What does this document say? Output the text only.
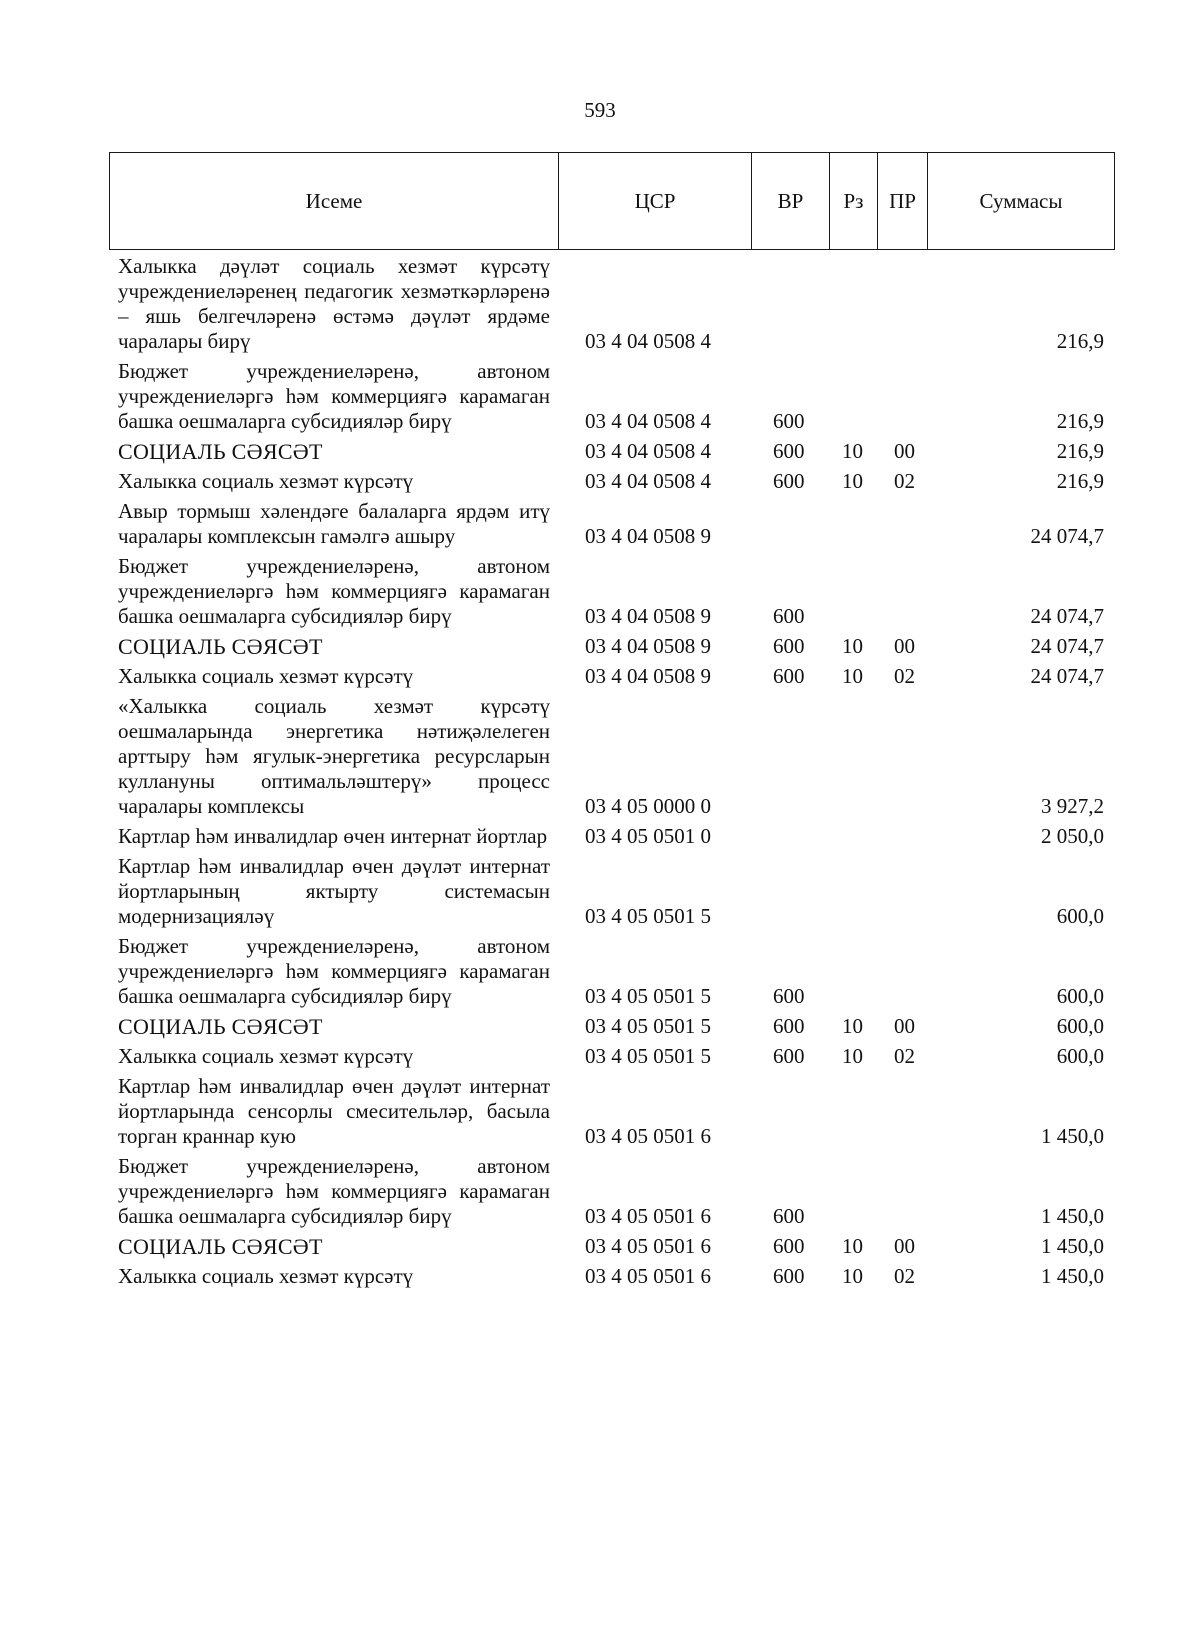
593
Исеме	ЦСР	ВР	Рз	ПР	Суммасы
Халыкка дәүләт социаль хезмәт күрсәтү учреждениеләренең педагогик хезмәткәрләренә – яшь белгечләренә өстәмә дәүләт ярдәме чаралары бирү	03 4 04 0508 4				216,9
Бюджет учреждениеләренә, автоном учреждениеләргә һәм коммерциягә карамаган башка оешмаларга субсидияләр бирү	03 4 04 0508 4	600			216,9
СОЦИАЛЬ СӘЯСӘТ	03 4 04 0508 4	600	10	00	216,9
Халыкка социаль хезмәт күрсәтү	03 4 04 0508 4	600	10	02	216,9
Авыр тормыш хәлендәге балаларга ярдәм итү чаралары комплексын гамәлгә ашыру	03 4 04 0508 9				24 074,7
Бюджет учреждениеләренә, автоном учреждениеләргә һәм коммерциягә карамаган башка оешмаларга субсидияләр бирү	03 4 04 0508 9	600			24 074,7
СОЦИАЛЬ СӘЯСӘТ	03 4 04 0508 9	600	10	00	24 074,7
Халыкка социаль хезмәт күрсәтү	03 4 04 0508 9	600	10	02	24 074,7
«Халыкка социаль хезмәт күрсәтү оешмаларында энергетика нәтиҗәлелеген арттыру һәм ягулык-энергетика ресурсларын куллануны оптимальләштерү» процесс чаралары комплексы	03 4 05 0000 0				3 927,2
Картлар һәм инвалидлар өчен интернат йортлар	03 4 05 0501 0				2 050,0
Картлар һәм инвалидлар өчен дәүләт интернат йортларының яктырту системасын модернизацияләү	03 4 05 0501 5				600,0
Бюджет учреждениеләренә, автоном учреждениеләргә һәм коммерциягә карамаган башка оешмаларга субсидияләр бирү	03 4 05 0501 5	600			600,0
СОЦИАЛЬ СӘЯСӘТ	03 4 05 0501 5	600	10	00	600,0
Халыкка социаль хезмәт күрсәтү	03 4 05 0501 5	600	10	02	600,0
Картлар һәм инвалидлар өчен дәүләт интернат йортларында сенсорлы смесительләр, басыла торган краннар кую	03 4 05 0501 6				1 450,0
Бюджет учреждениеләренә, автоном учреждениеләргә һәм коммерциягә карамаган башка оешмаларга субсидияләр бирү	03 4 05 0501 6	600			1 450,0
СОЦИАЛЬ СӘЯСӘТ	03 4 05 0501 6	600	10	00	1 450,0
Халыкка социаль хезмәт күрсәтү	03 4 05 0501 6	600	10	02	1 450,0
